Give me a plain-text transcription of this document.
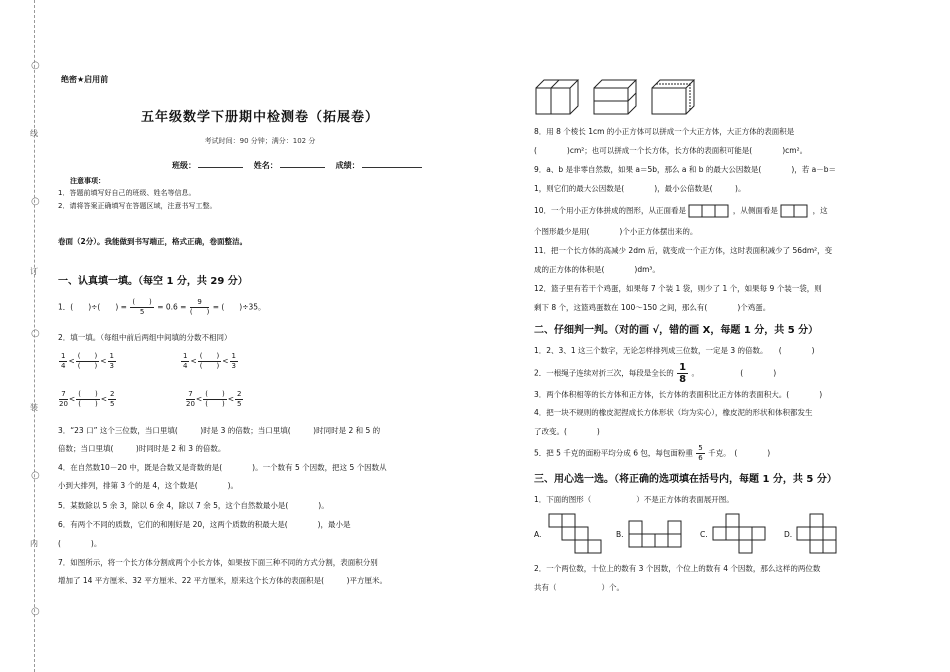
○
线
○
订
○
装
○
内
○
绝密★启用前
五年级数学下册期中检测卷（拓展卷）
考试时间：90 分钟；满分：102 分
班级：	姓名：	成绩：
注意事项：
1．答题前填写好自己的班级、姓名等信息。
2．请将答案正确填写在答题区域，注意书写工整。
卷面（2分）。我能做到书写端正，格式正确，卷面整洁。
一、认真填一填。（每空 1 分，共 29 分）
1．(　　)÷(　　) =
(　　)
5
= 0.6 =
9
(　　)
= (　　)÷35。
2．填一填。（每组中前后两组中间填的分数不相同）
$\frac{1}{4}$ <
(　　)
(　　)
< $\frac{1}{3}$	$\frac{1}{4}$ <
(　　)
(　　)
< $\frac{1}{3}$
$\frac{7}{20}$ <
(　　)
(　　)
< $\frac{2}{5}$	$\frac{7}{20}$ <
(　　)
(　　)
< $\frac{2}{5}$
3．“23 口” 这个三位数，当口里填(　　　)时是 3 的倍数；当口里填(　　　)时同时是 2 和 5 的
倍数；当口里填(　　　)时同时是 2 和 3 的倍数。
4．在自然数10－20 中，既是合数又是奇数的是(　　　　)。一个数有 5 个因数，把这 5 个因数从
小到大排列，排第 3 个的是 4，这个数是(　　　　)。
5．某数除以 5 余 3，除以 6 余 4，除以 7 余 5，这个自然数最小是(　　　　)。
6．有两个不同的质数，它们的和刚好是 20，这两个质数的积最大是(　　　　)，最小是
(　　　　)。
7．如图所示，将一个长方体分割成两个小长方体，如果按下面三种不同的方式分割，表面积分别
增加了 14 平方厘米、32 平方厘米、22 平方厘米，原来这个长方体的表面积是(　　　)平方厘米。
8．用 8 个棱长 1cm 的小正方体可以拼成一个大正方体，大正方体的表面积是
(　　　　)cm²；也可以拼成一个长方体，长方体的表面积可能是(　　　　)cm²。
9．a、b 是非零自然数，如果 a＝5b，那么 a 和 b 的最大公因数是(　　　　)，若 a－b＝
1，则它们的最大公因数是(　　　　)，最小公倍数是(　　　)。
10．一个用小正方体拼成的图形，从正面看是	，从侧面看是	，这
个图形最少是用(　　　　)个小正方体摆出来的。
11．把一个长方体的高减少 2dm 后，就变成一个正方体，这时表面积减少了 56dm²，变
成的正方体的体积是(　　　　)dm³。
12．篮子里有若干个鸡蛋，如果每 7 个装 1 袋，则少了 1 个，如果每 9 个装一袋，则
剩下 8 个，这篮鸡蛋数在 100～150 之间，那么有(　　　　)个鸡蛋。
二、仔细判一判。（对的画 √，错的画 X，每题 1 分，共 5 分）
1．2、3、1 这三个数字，无论怎样排列成三位数，一定是 3 的倍数。　　(　　　　)
2．一根绳子连续对折三次，每段是全长的 $\frac{1}{8}$ 。　　　　　　(　　　　)
3．两个体积相等的长方体和正方体，长方体的表面积比正方体的表面积大。(　　　　)
4．把一块不规则的橡皮泥捏成长方体形状（均为实心），橡皮泥的形状和体积都发生
了改变。(　　　　)
5．把 5 千克的面粉平均分成 6 包，每包面粉重 $\frac{5}{6}$ 千克。　(　　　　)
三、用心选一选。（将正确的选项填在括号内，每题 1 分，共 5 分）
1．下面的图形（　　　　　　）不是正方体的表面展开图。
A.	B.	C.	D.
2．一个两位数，十位上的数有 3 个因数，个位上的数有 4 个因数，那么这样的两位数
共有（　　　　　　）个。
